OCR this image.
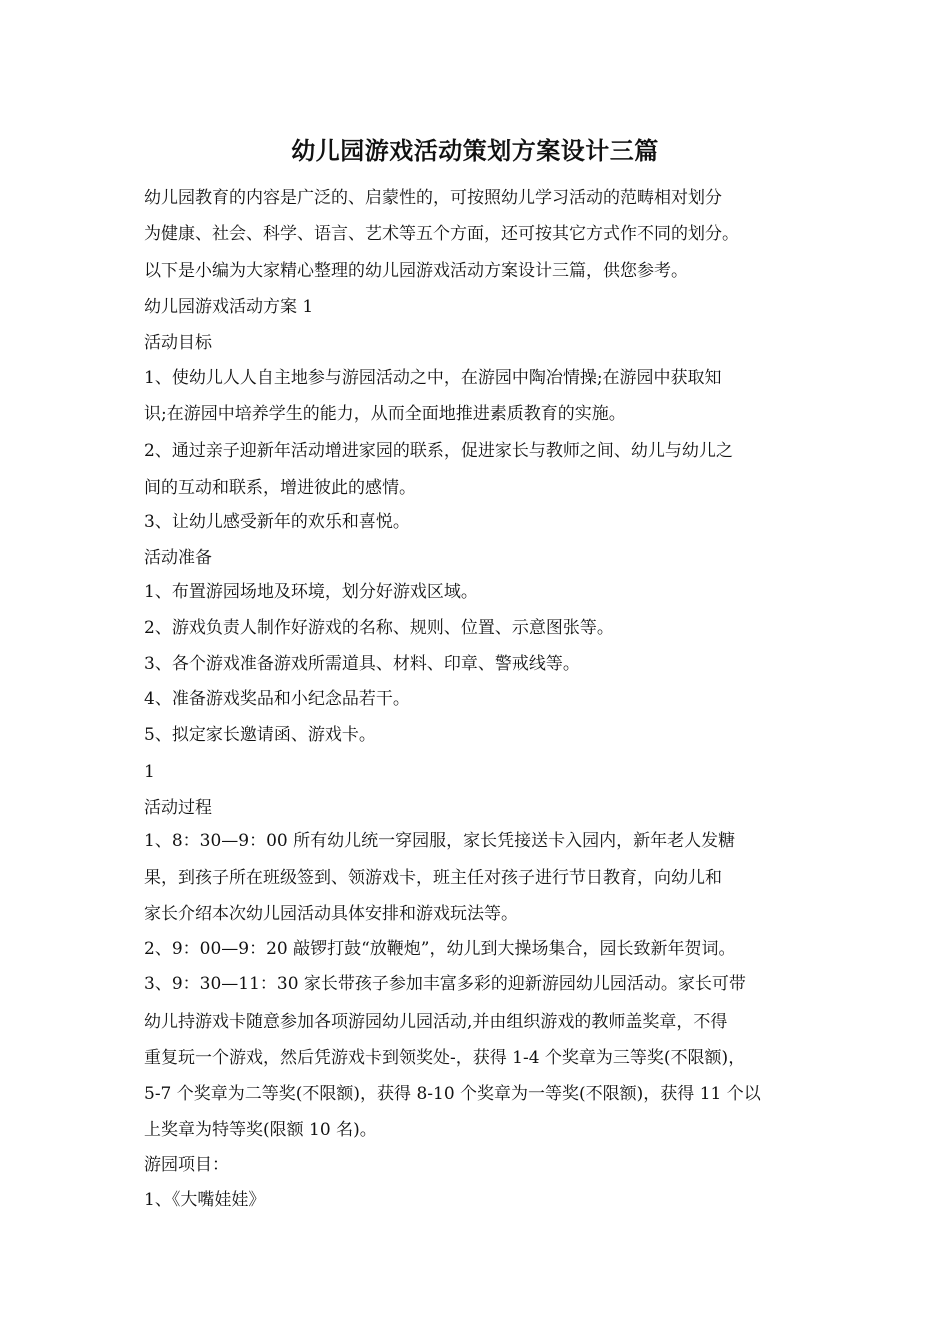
幼儿园游戏活动策划方案设计三篇
幼儿园教育的内容是广泛的、启蒙性的，可按照幼儿学习活动的范畴相对划分
为健康、社会、科学、语言、艺术等五个方面，还可按其它方式作不同的划分。
以下是小编为大家精心整理的幼儿园游戏活动方案设计三篇，供您参考。
幼儿园游戏活动方案 1
活动目标
1、使幼儿人人自主地参与游园活动之中，在游园中陶冶情操;在游园中获取知
识;在游园中培养学生的能力，从而全面地推进素质教育的实施。
2、通过亲子迎新年活动增进家园的联系，促进家长与教师之间、幼儿与幼儿之
间的互动和联系，增进彼此的感情。
3、让幼儿感受新年的欢乐和喜悦。
活动准备
1、布置游园场地及环境，划分好游戏区域。
2、游戏负责人制作好游戏的名称、规则、位置、示意图张等。
3、各个游戏准备游戏所需道具、材料、印章、警戒线等。
4、准备游戏奖品和小纪念品若干。
5、拟定家长邀请函、游戏卡。
1
活动过程
1、8：30—9：00 所有幼儿统一穿园服，家长凭接送卡入园内，新年老人发糖
果，到孩子所在班级签到、领游戏卡，班主任对孩子进行节日教育，向幼儿和
家长介绍本次幼儿园活动具体安排和游戏玩法等。
2、9：00—9：20 敲锣打鼓“放鞭炮”，幼儿到大操场集合，园长致新年贺词。
3、9：30—11：30 家长带孩子参加丰富多彩的迎新游园幼儿园活动。家长可带
幼儿持游戏卡随意参加各项游园幼儿园活动,并由组织游戏的教师盖奖章，不得
重复玩一个游戏，然后凭游戏卡到领奖处-，获得 1-4 个奖章为三等奖(不限额)，
5-7 个奖章为二等奖(不限额)，获得 8-10 个奖章为一等奖(不限额)，获得 11 个以
上奖章为特等奖(限额 10 名)。
游园项目：
1、《大嘴娃娃》
